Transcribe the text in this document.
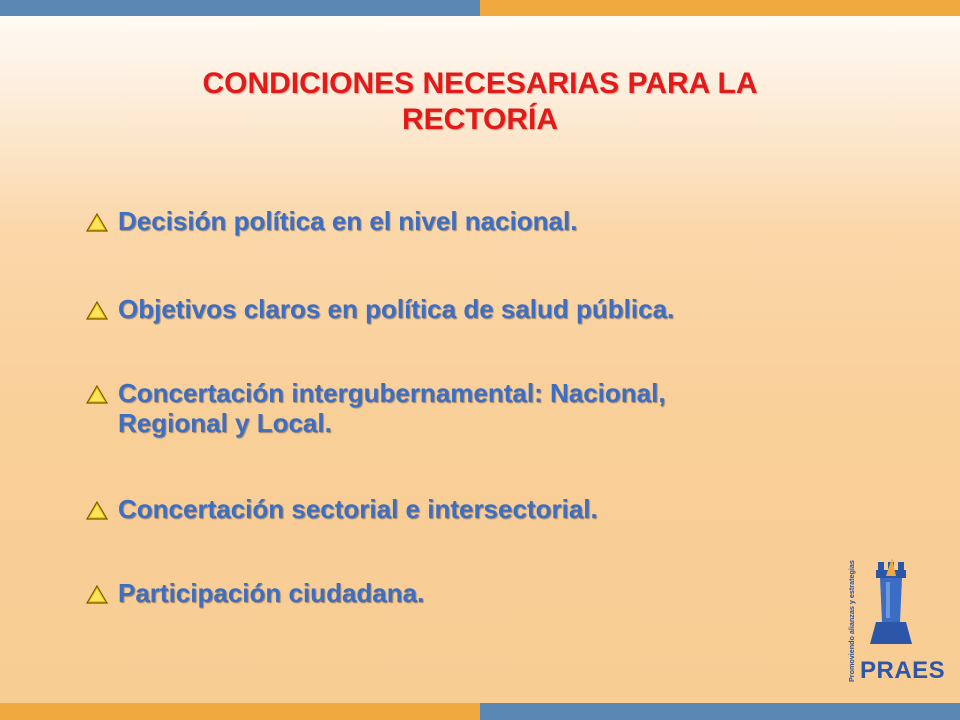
CONDICIONES NECESARIAS PARA LA
RECTORÍA
Decisión política en el nivel nacional.
Objetivos claros en política de salud pública.
Concertación intergubernamental: Nacional,
Regional y Local.
Concertación sectorial e intersectorial.
Participación ciudadana.	Promoviendo alianzas y estrategias PRAES
